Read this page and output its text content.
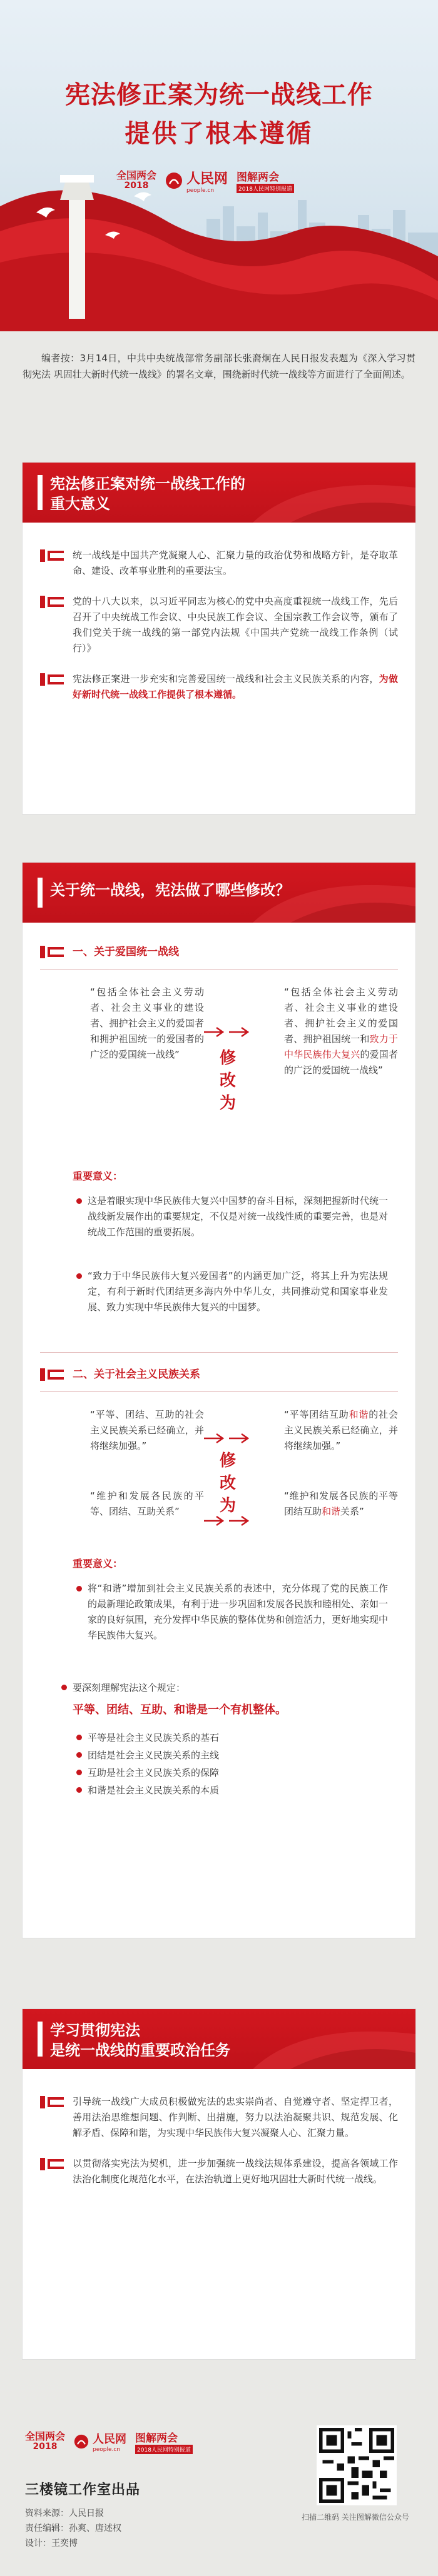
宪法修正案为统一战线工作
提供了根本遵循
全国两会
2018	人民网
people.cn
图解两会
2018人民网特别报道
编者按：3月14日，中共中央统战部常务副部长张裔炯在人民日报发表题为《深入学习贯彻宪法 巩固壮大新时代统一战线》的署名文章，围绕新时代统一战线等方面进行了全面阐述。
宪法修正案对统一战线工作的
重大意义
统一战线是中国共产党凝聚人心、汇聚力量的政治优势和战略方针，是夺取革命、建设、改革事业胜利的重要法宝。
党的十八大以来，以习近平同志为核心的党中央高度重视统一战线工作，先后召开了中央统战工作会议、中央民族工作会议、全国宗教工作会议等，颁布了我们党关于统一战线的第一部党内法规《中国共产党统一战线工作条例（试行）》
宪法修正案进一步充实和完善爱国统一战线和社会主义民族关系的内容，为做好新时代统一战线工作提供了根本遵循。
关于统一战线，宪法做了哪些修改？
一、关于爱国统一战线
“包括全体社会主义劳动者、社会主义事业的建设者、拥护社会主义的爱国者和拥护祖国统一的爱国者的广泛的爱国统一战线”
“包括全体社会主义劳动者、社会主义事业的建设者、拥护社会主义的爱国者、拥护祖国统一和致力于中华民族伟大复兴的爱国者的广泛的爱国统一战线”
修改为
重要意义：
这是着眼实现中华民族伟大复兴中国梦的奋斗目标，深刻把握新时代统一战线新发展作出的重要规定，不仅是对统一战线性质的重要完善，也是对统战工作范围的重要拓展。
“致力于中华民族伟大复兴爱国者”的内涵更加广泛，将其上升为宪法规定，有利于新时代团结更多海内外中华儿女，共同推动党和国家事业发展、致力实现中华民族伟大复兴的中国梦。
二、关于社会主义民族关系
“平等、团结、互助的社会主义民族关系已经确立，并将继续加强。”
“平等团结互助和谐的社会主义民族关系已经确立，并将继续加强。”
“维护和发展各民族的平等、团结、互助关系”
“维护和发展各民族的平等团结互助和谐关系”
修改为
重要意义：
将“和谐”增加到社会主义民族关系的表述中，充分体现了党的民族工作的最新理论政策成果，有利于进一步巩固和发展各民族和睦相处、亲如一家的良好氛围，充分发挥中华民族的整体优势和创造活力，更好地实现中华民族伟大复兴。
要深刻理解宪法这个规定：
平等、团结、互助、和谐是一个有机整体。
平等是社会主义民族关系的基石
团结是社会主义民族关系的主线
互助是社会主义民族关系的保障
和谐是社会主义民族关系的本质
学习贯彻宪法
是统一战线的重要政治任务
引导统一战线广大成员积极做宪法的忠实崇尚者、自觉遵守者、坚定捍卫者，善用法治思维想问题、作判断、出措施，努力以法治凝聚共识、规范发展、化解矛盾、保障和谐，为实现中华民族伟大复兴凝聚人心、汇聚力量。
以贯彻落实宪法为契机，进一步加强统一战线法规体系建设，提高各领域工作法治化制度化规范化水平，在法治轨道上更好地巩固壮大新时代统一战线。
全国两会
2018
人民网
people.cn
图解两会
2018人民网特别报道
三楼镜工作室出品
资料来源：人民日报
责任编辑：孙爽、唐述权
设计：王奕博
扫描二维码 关注图解微信公众号
